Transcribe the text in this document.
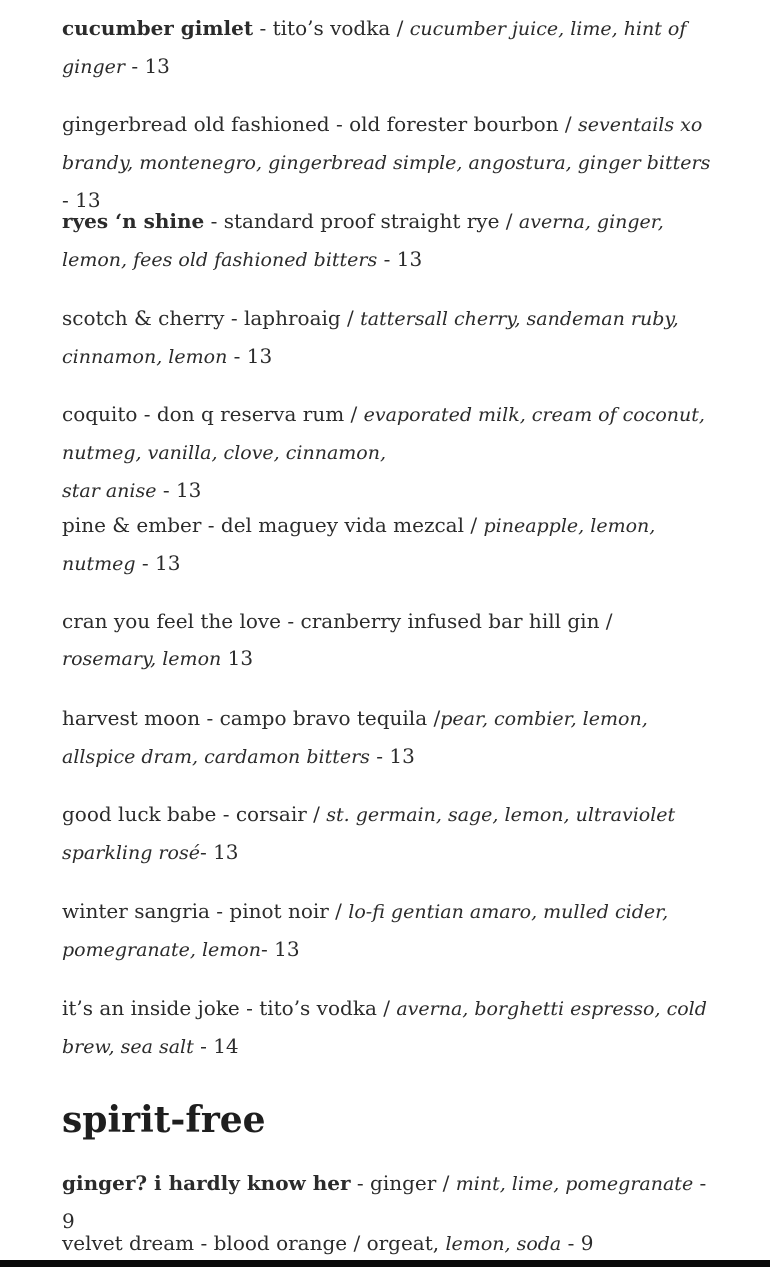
cucumber gimlet - tito’s vodka / cucumber juice, lime, hint of ginger - 13

gingerbread old fashioned - old forester bourbon / seventails xo brandy, montenegro, gingerbread simple, angostura, ginger bitters - 13

ryes ‘n shine - standard proof straight rye / averna, ginger, lemon, fees old fashioned bitters - 13

scotch & cherry - laphroaig / tattersall cherry, sandeman ruby, cinnamon, lemon - 13

coquito - don q reserva rum / evaporated milk, cream of coconut, nutmeg, vanilla, clove, cinnamon,
star anise - 13

pine & ember - del maguey vida mezcal / pineapple, lemon, nutmeg - 13

cran you feel the love - cranberry infused bar hill gin / rosemary, lemon 13

harvest moon - campo bravo tequila /pear, combier, lemon, allspice dram, cardamon bitters - 13

good luck babe - corsair / st. germain, sage, lemon, ultraviolet sparkling rosé- 13

winter sangria - pinot noir / lo-fi gentian amaro, mulled cider, pomegranate, lemon- 13

it’s an inside joke - tito’s vodka / averna, borghetti espresso, cold brew, sea salt - 14

spirit-free

ginger? i hardly know her - ginger / mint, lime, pomegranate - 9

velvet dream - blood orange / orgeat, lemon, soda - 9
